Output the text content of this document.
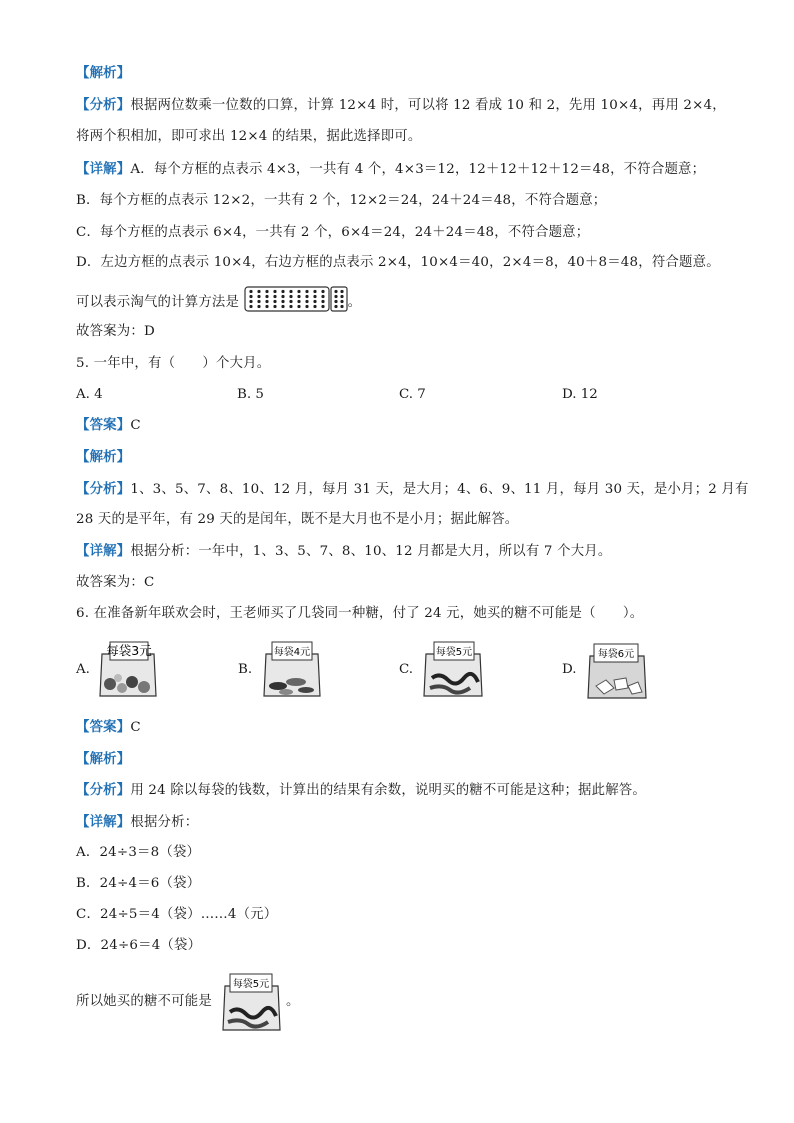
【解析】
【分析】根据两位数乘一位数的口算，计算 12×4 时，可以将 12 看成 10 和 2，先用 10×4，再用 2×4，
将两个积相加，即可求出 12×4 的结果，据此选择即可。
【详解】A．每个方框的点表示 4×3，一共有 4 个，4×3＝12，12＋12＋12＋12＝48，不符合题意；
B．每个方框的点表示 12×2，一共有 2 个，12×2＝24，24＋24＝48，不符合题意；
C．每个方框的点表示 6×4，一共有 2 个，6×4＝24，24＋24＝48，不符合题意；
D．左边方框的点表示 10×4，右边方框的点表示 2×4，10×4＝40，2×4＝8，40＋8＝48，符合题意。
可以表示淘气的计算方法是	。
故答案为：D
5. 一年中，有（　　）个大月。
A. 4	B. 5	C. 7	D. 12
【答案】C
【解析】
【分析】1、3、5、7、8、10、12 月，每月 31 天，是大月；4、6、9、11 月，每月 30 天，是小月；2 月有
28 天的是平年，有 29 天的是闰年，既不是大月也不是小月；据此解答。
【详解】根据分析：一年中，1、3、5、7、8、10、12 月都是大月，所以有 7 个大月。
故答案为：C
6. 在准备新年联欢会时，王老师买了几袋同一种糖，付了 24 元，她买的糖不可能是（　　）。
A.	B.	C.	D.
每袋3元	每袋4元	每袋5元	每袋6元
【答案】C
【解析】
【分析】用 24 除以每袋的钱数，计算出的结果有余数，说明买的糖不可能是这种；据此解答。
【详解】根据分析：
A．24÷3＝8（袋）
B．24÷4＝6（袋）
C．24÷5＝4（袋）……4（元）
D．24÷6＝4（袋）
所以她买的糖不可能是
每袋5元
。
